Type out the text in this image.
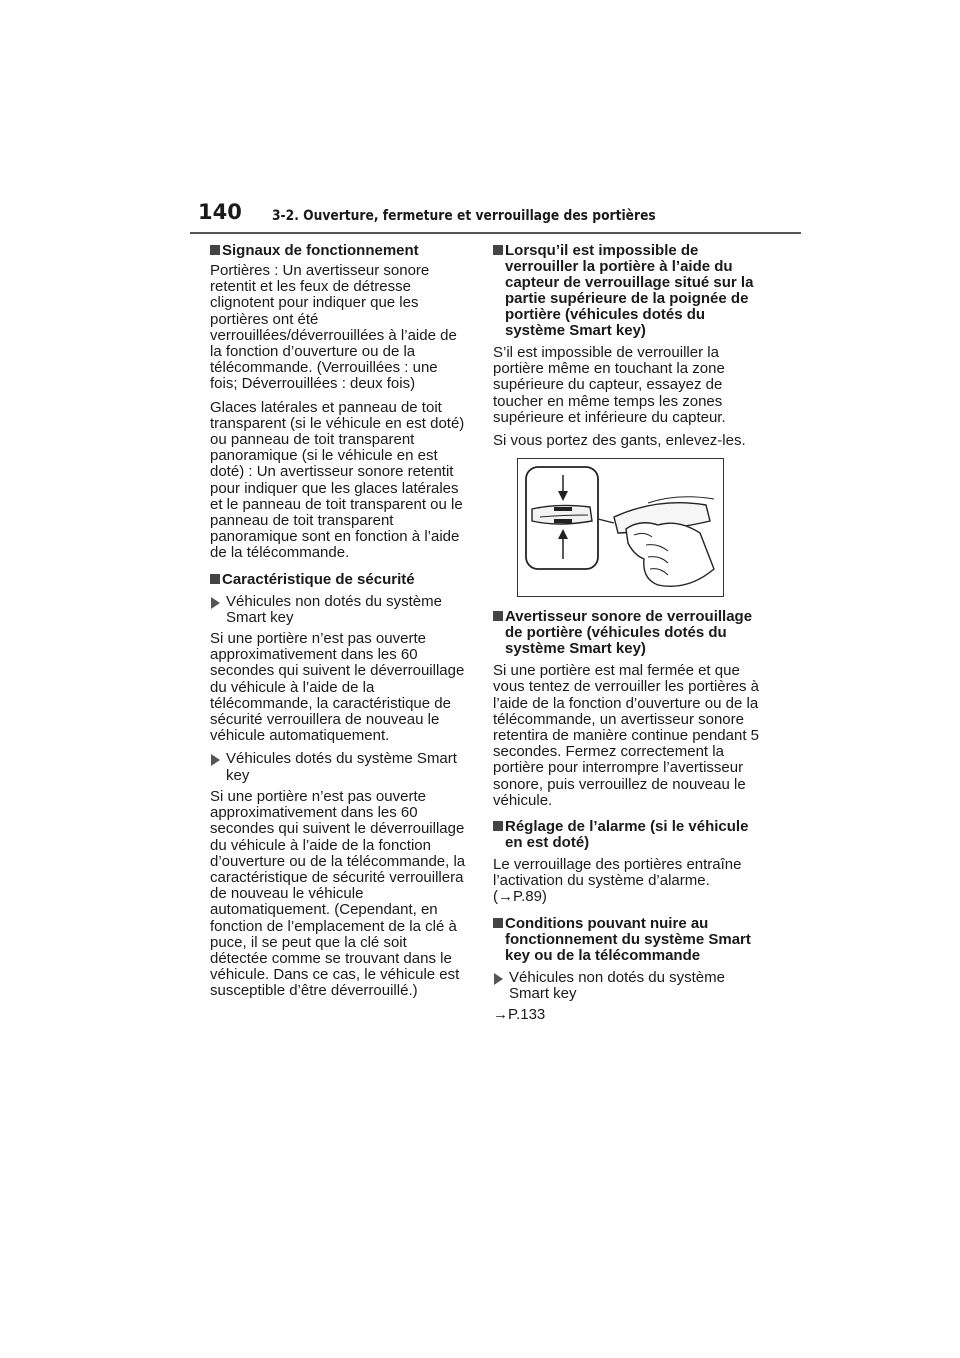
140 3-2. Ouverture, fermeture et verrouillage des portières
Signaux de fonctionnement

Portières : Un avertisseur sonore retentit et les feux de détresse clignotent pour indiquer que les portières ont été verrouillées/déverrouillées à l’aide de la fonction d’ouverture ou de la télécommande. (Verrouillées : une fois; Déverrouillées : deux fois)

Glaces latérales et panneau de toit transparent (si le véhicule en est doté) ou panneau de toit transparent panoramique (si le véhicule en est doté) : Un avertisseur sonore retentit pour indiquer que les glaces latérales et le panneau de toit transparent ou le panneau de toit transparent panoramique sont en fonction à l’aide de la télécommande.

Caractéristique de sécurité
Véhicules non dotés du système Smart key

Si une portière n’est pas ouverte approximativement dans les 60 secondes qui suivent le déverrouillage du véhicule à l’aide de la télécommande, la caractéristique de sécurité verrouillera de nouveau le véhicule automatiquement.

Véhicules dotés du système Smart key

Si une portière n’est pas ouverte approximativement dans les 60 secondes qui suivent le déverrouillage du véhicule à l’aide de la fonction d’ouverture ou de la télécommande, la caractéristique de sécurité verrouillera de nouveau le véhicule automatiquement. (Cependant, en fonction de l’emplacement de la clé à puce, il se peut que la clé soit détectée comme se trouvant dans le véhicule. Dans ce cas, le véhicule est susceptible d’être déverrouillé.)

Lorsqu’il est impossible de verrouiller la portière à l’aide du capteur de verrouillage situé sur la partie supérieure de la poignée de portière (véhicules dotés du système Smart key)

S’il est impossible de verrouiller la portière même en touchant la zone supérieure du capteur, essayez de toucher en même temps les zones supérieure et inférieure du capteur.

Si vous portez des gants, enlevez-les.

Avertisseur sonore de verrouillage de portière (véhicules dotés du système Smart key)

Si une portière est mal fermée et que vous tentez de verrouiller les portières à l’aide de la fonction d’ouverture ou de la télécommande, un avertisseur sonore retentira de manière continue pendant 5 secondes. Fermez correctement la portière pour interrompre l’avertisseur sonore, puis verrouillez de nouveau le véhicule.

Réglage de l’alarme (si le véhicule en est doté)

Le verrouillage des portières entraîne l’activation du système d’alarme. (→P.89)

Conditions pouvant nuire au fonctionnement du système Smart key ou de la télécommande
Véhicules non dotés du système Smart key

→P.133
